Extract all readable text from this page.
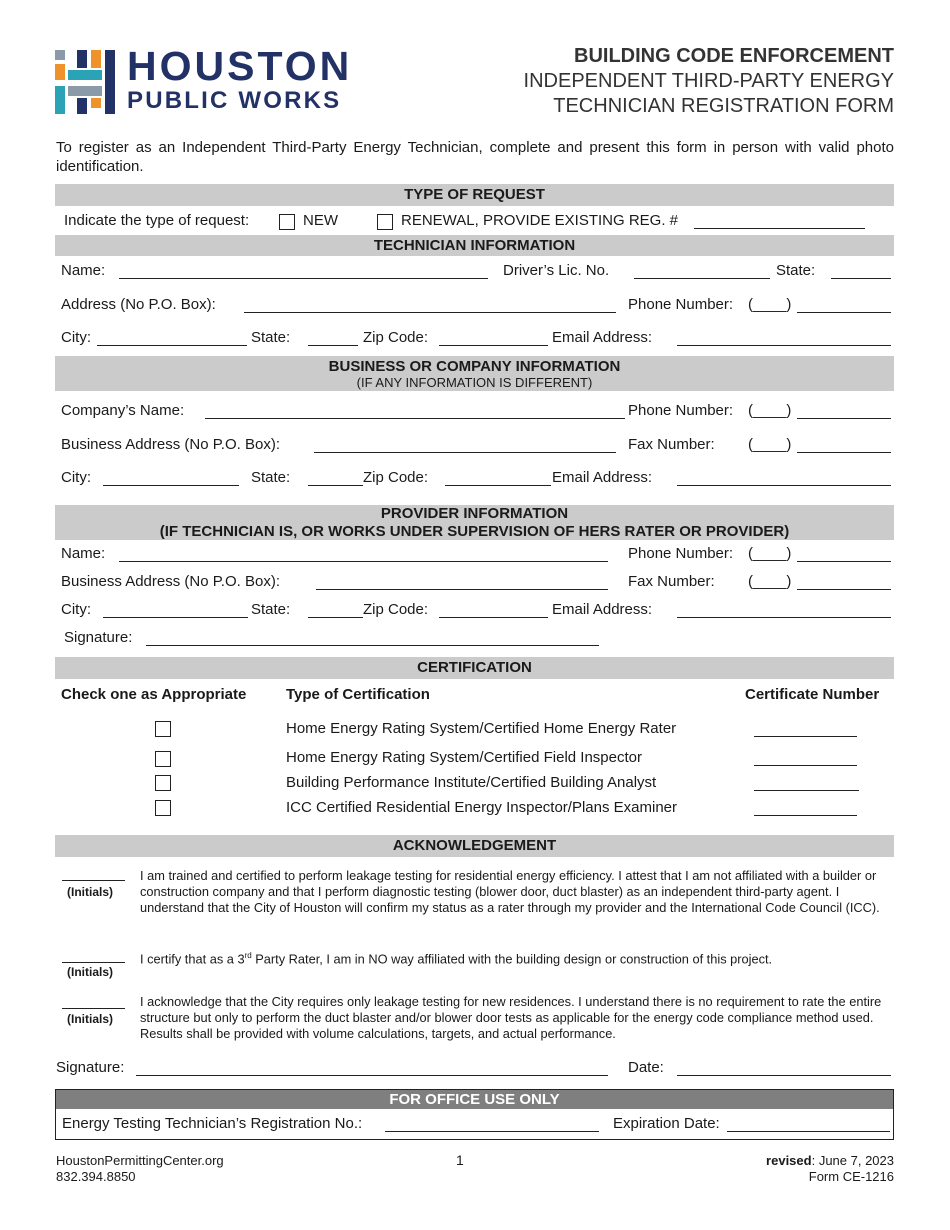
HOUSTON
PUBLIC WORKS
BUILDING CODE ENFORCEMENT
INDEPENDENT THIRD-PARTY ENERGY
TECHNICIAN REGISTRATION FORM
To register as an Independent Third-Party Energy Technician, complete and present this form in person with valid photo identification.
TYPE OF REQUEST
Indicate the type of request:	NEW	RENEWAL, PROVIDE EXISTING REG. #
TECHNICIAN INFORMATION
Name:	Driver’s Lic. No.	State:
Address (No P.O. Box):	Phone Number: (____)
City:	State:	Zip Code:	Email Address:
BUSINESS OR COMPANY INFORMATION
(IF ANY INFORMATION IS DIFFERENT)
Company’s Name:	Phone Number: (____)
Business Address (No P.O. Box):	Fax Number: (____)
City:	State:	Zip Code:	Email Address:
PROVIDER INFORMATION
(IF TECHNICIAN IS, OR WORKS UNDER SUPERVISION OF HERS RATER OR PROVIDER)
Name:	Phone Number: (____)
Business Address (No P.O. Box):	Fax Number: (____)
City:	State:	Zip Code:	Email Address:
Signature:
CERTIFICATION
Check one as Appropriate	Type of Certification	Certificate Number
Home Energy Rating System/Certified Home Energy Rater
Home Energy Rating System/Certified Field Inspector
Building Performance Institute/Certified Building Analyst
ICC Certified Residential Energy Inspector/Plans Examiner
ACKNOWLEDGEMENT
(Initials)
I am trained and certified to perform leakage testing for residential energy efficiency. I attest that I am not affiliated with a builder or construction company and that I perform diagnostic testing (blower door, duct blaster) as an independent third-party agent. I understand that the City of Houston will confirm my status as a rater through my provider and the International Code Council (ICC).
(Initials)
I certify that as a 3rd Party Rater, I am in NO way affiliated with the building design or construction of this project.
(Initials)
I acknowledge that the City requires only leakage testing for new residences. I understand there is no requirement to rate the entire structure but only to perform the duct blaster and/or blower door tests as applicable for the energy code compliance method used. Results shall be provided with volume calculations, targets, and actual performance.
Signature:	Date:
FOR OFFICE USE ONLY
Energy Testing Technician’s Registration No.:	Expiration Date:
HoustonPermittingCenter.org
832.394.8850
1	revised: June 7, 2023
Form CE-1216
